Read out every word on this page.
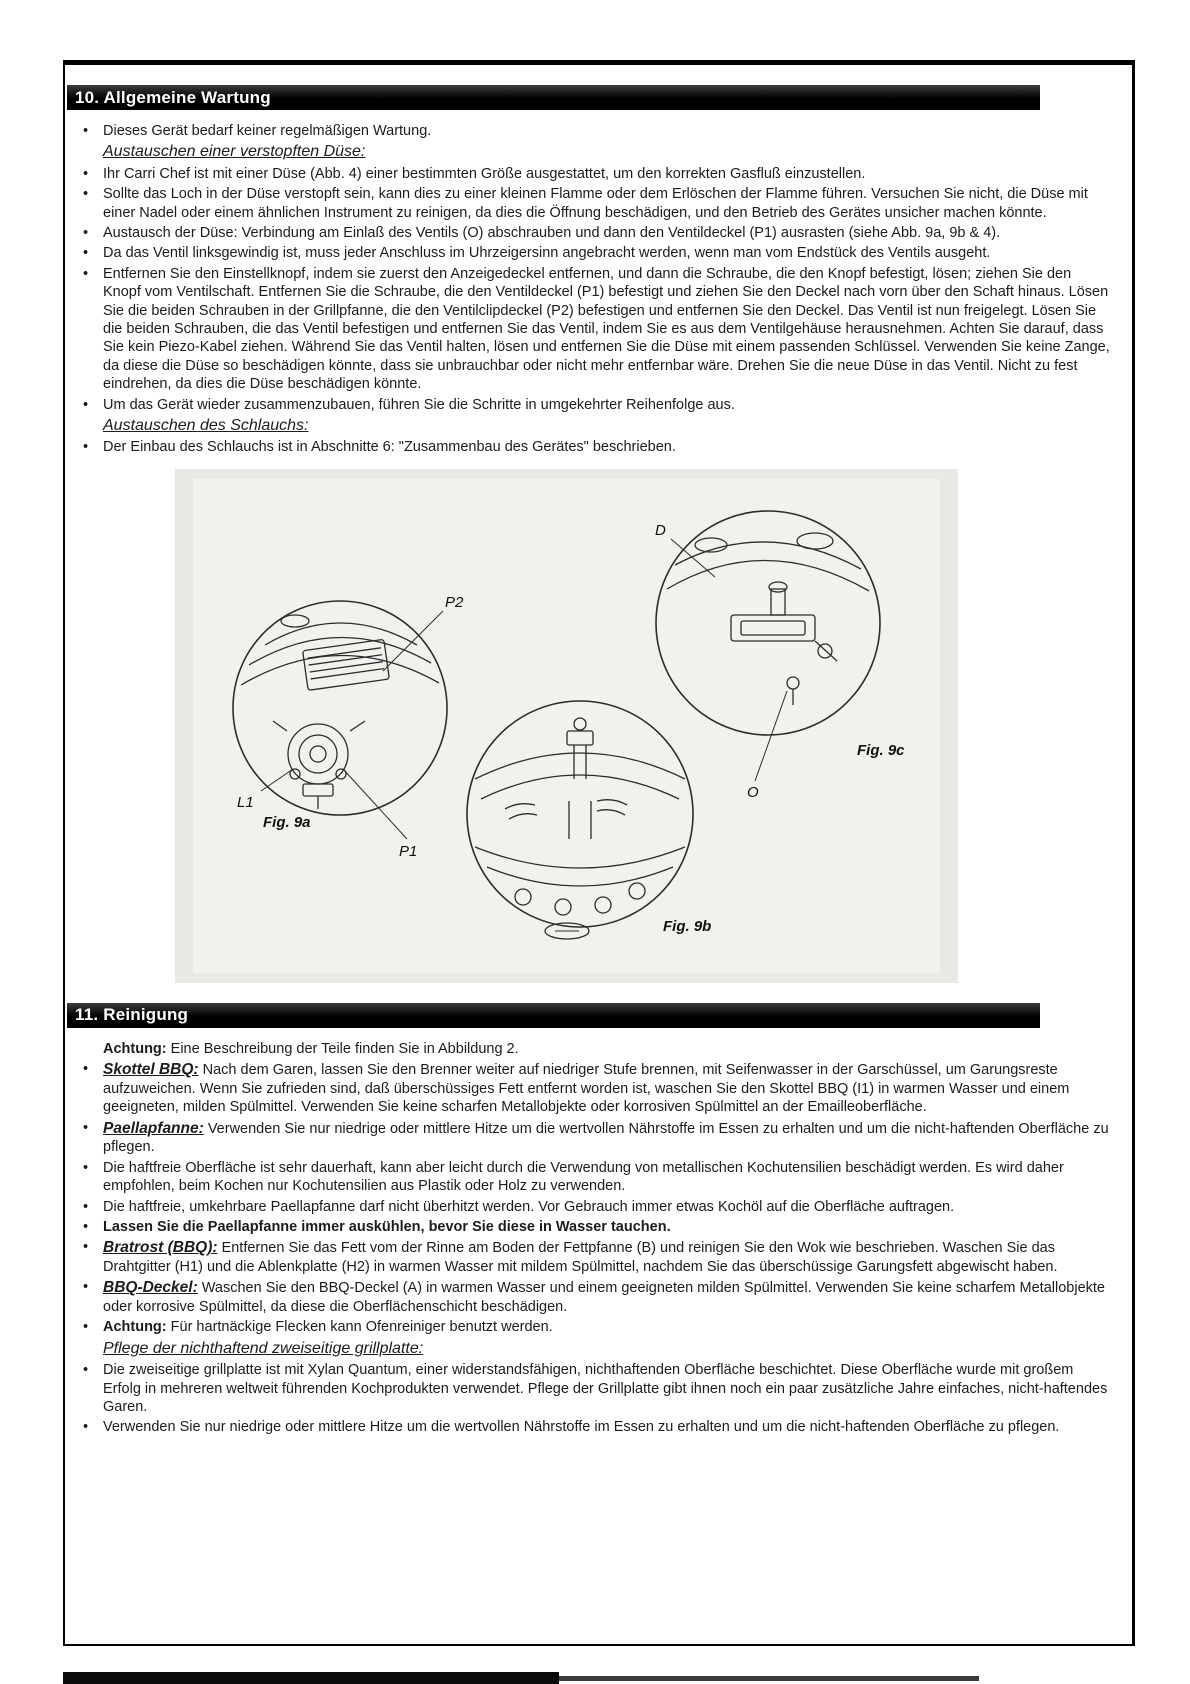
10. Allgemeine Wartung
•	Dieses Gerät bedarf keiner regelmäßigen Wartung.
Austauschen einer verstopften Düse:
•	Ihr Carri Chef ist mit einer Düse (Abb. 4) einer bestimmten Größe ausgestattet, um den korrekten Gasfluß einzustellen.
•	Sollte das Loch in der Düse verstopft sein, kann dies zu einer kleinen Flamme oder dem Erlöschen der Flamme führen. Versuchen Sie nicht, die Düse mit einer Nadel oder einem ähnlichen Instrument zu reinigen, da dies die Öffnung beschädigen, und den Betrieb des Gerätes unsicher machen könnte.
•	Austausch der Düse: Verbindung am Einlaß des Ventils (O) abschrauben und dann den Ventildeckel (P1) ausrasten (siehe Abb. 9a, 9b & 4).
•	Da das Ventil linksgewindig ist, muss jeder Anschluss im Uhrzeigersinn angebracht werden, wenn man vom Endstück des Ventils ausgeht.
•	Entfernen Sie den Einstellknopf, indem sie zuerst den Anzeigedeckel entfernen, und dann die Schraube, die den Knopf befestigt, lösen; ziehen Sie den Knopf vom Ventilschaft. Entfernen Sie die Schraube, die den Ventildeckel (P1) befestigt und ziehen Sie den Deckel nach vorn über den Schaft hinaus. Lösen Sie die beiden Schrauben in der Grillpfanne, die den Ventilclipdeckel (P2) befestigen und entfernen Sie den Deckel. Das Ventil ist nun freigelegt. Lösen Sie die beiden Schrauben, die das Ventil befestigen und entfernen Sie das Ventil, indem Sie es aus dem Ventilgehäuse herausnehmen. Achten Sie darauf, dass Sie kein Piezo-Kabel ziehen. Während Sie das Ventil halten, lösen und entfernen Sie die Düse mit einem passenden Schlüssel. Verwenden Sie keine Zange, da diese die Düse so beschädigen könnte, dass sie unbrauchbar oder nicht mehr entfernbar wäre. Drehen Sie die neue Düse in das Ventil. Nicht zu fest eindrehen, da dies die Düse beschädigen könnte.
•	Um das Gerät wieder zusammenzubauen, führen Sie die Schritte in umgekehrter Reihenfolge aus.
Austauschen des Schlauchs:
•	Der Einbau des Schlauchs ist in Abschnitte 6: "Zusammenbau des Gerätes" beschrieben.
P2
L1
P1
Fig. 9a
Fig. 9b
D
O
Fig. 9c
11. Reinigung
Achtung: Eine Beschreibung der Teile finden Sie in Abbildung 2.
• Skottel BBQ: Nach dem Garen, lassen Sie den Brenner weiter auf niedriger Stufe brennen, mit Seifenwasser in der Garschüssel, um Garungsreste aufzuweichen. Wenn Sie zufrieden sind, daß überschüssiges Fett entfernt worden ist, waschen Sie den Skottel BBQ (I1) in warmen Wasser und einem geeigneten, milden Spülmittel. Verwenden Sie keine scharfen Metallobjekte oder korrosiven Spülmittel an der Emailleoberfläche.
• Paellapfanne: Verwenden Sie nur niedrige oder mittlere Hitze um die wertvollen Nährstoffe im Essen zu erhalten und um die nicht-haftenden Oberfläche zu pflegen.
•	Die haftfreie Oberfläche ist sehr dauerhaft, kann aber leicht durch die Verwendung von metallischen Kochutensilien beschädigt werden. Es wird daher empfohlen, beim Kochen nur Kochutensilien aus Plastik oder Holz zu verwenden.
•	Die haftfreie, umkehrbare Paellapfanne darf nicht überhitzt werden. Vor Gebrauch immer etwas Kochöl auf die Oberfläche auftragen.
•	Lassen Sie die Paellapfanne immer auskühlen, bevor Sie diese in Wasser tauchen.
• Bratrost (BBQ): Entfernen Sie das Fett vom der Rinne am Boden der Fettpfanne (B) und reinigen Sie den Wok wie beschrieben. Waschen Sie das Drahtgitter (H1) und die Ablenkplatte (H2) in warmen Wasser mit mildem Spülmittel, nachdem Sie das überschüssige Garungsfett abgewischt haben.
• BBQ-Deckel: Waschen Sie den BBQ-Deckel (A) in warmen Wasser und einem geeigneten milden Spülmittel. Verwenden Sie keine scharfem Metallobjekte oder korrosive Spülmittel, da diese die Oberflächenschicht beschädigen.
•	Achtung: Für hartnäckige Flecken kann Ofenreiniger benutzt werden.
Pflege der nichthaftend zweiseitige grillplatte:
•	Die zweiseitige grillplatte ist mit Xylan Quantum, einer widerstandsfähigen, nichthaftenden Oberfläche beschichtet. Diese Oberfläche wurde mit großem Erfolg in mehreren weltweit führenden Kochprodukten verwendet. Pflege der Grillplatte gibt ihnen noch ein paar zusätzliche Jahre einfaches, nicht-haftendes Garen.
•	Verwenden Sie nur niedrige oder mittlere Hitze um die wertvollen Nährstoffe im Essen zu erhalten und um die nicht-haftenden Oberfläche zu pflegen.
